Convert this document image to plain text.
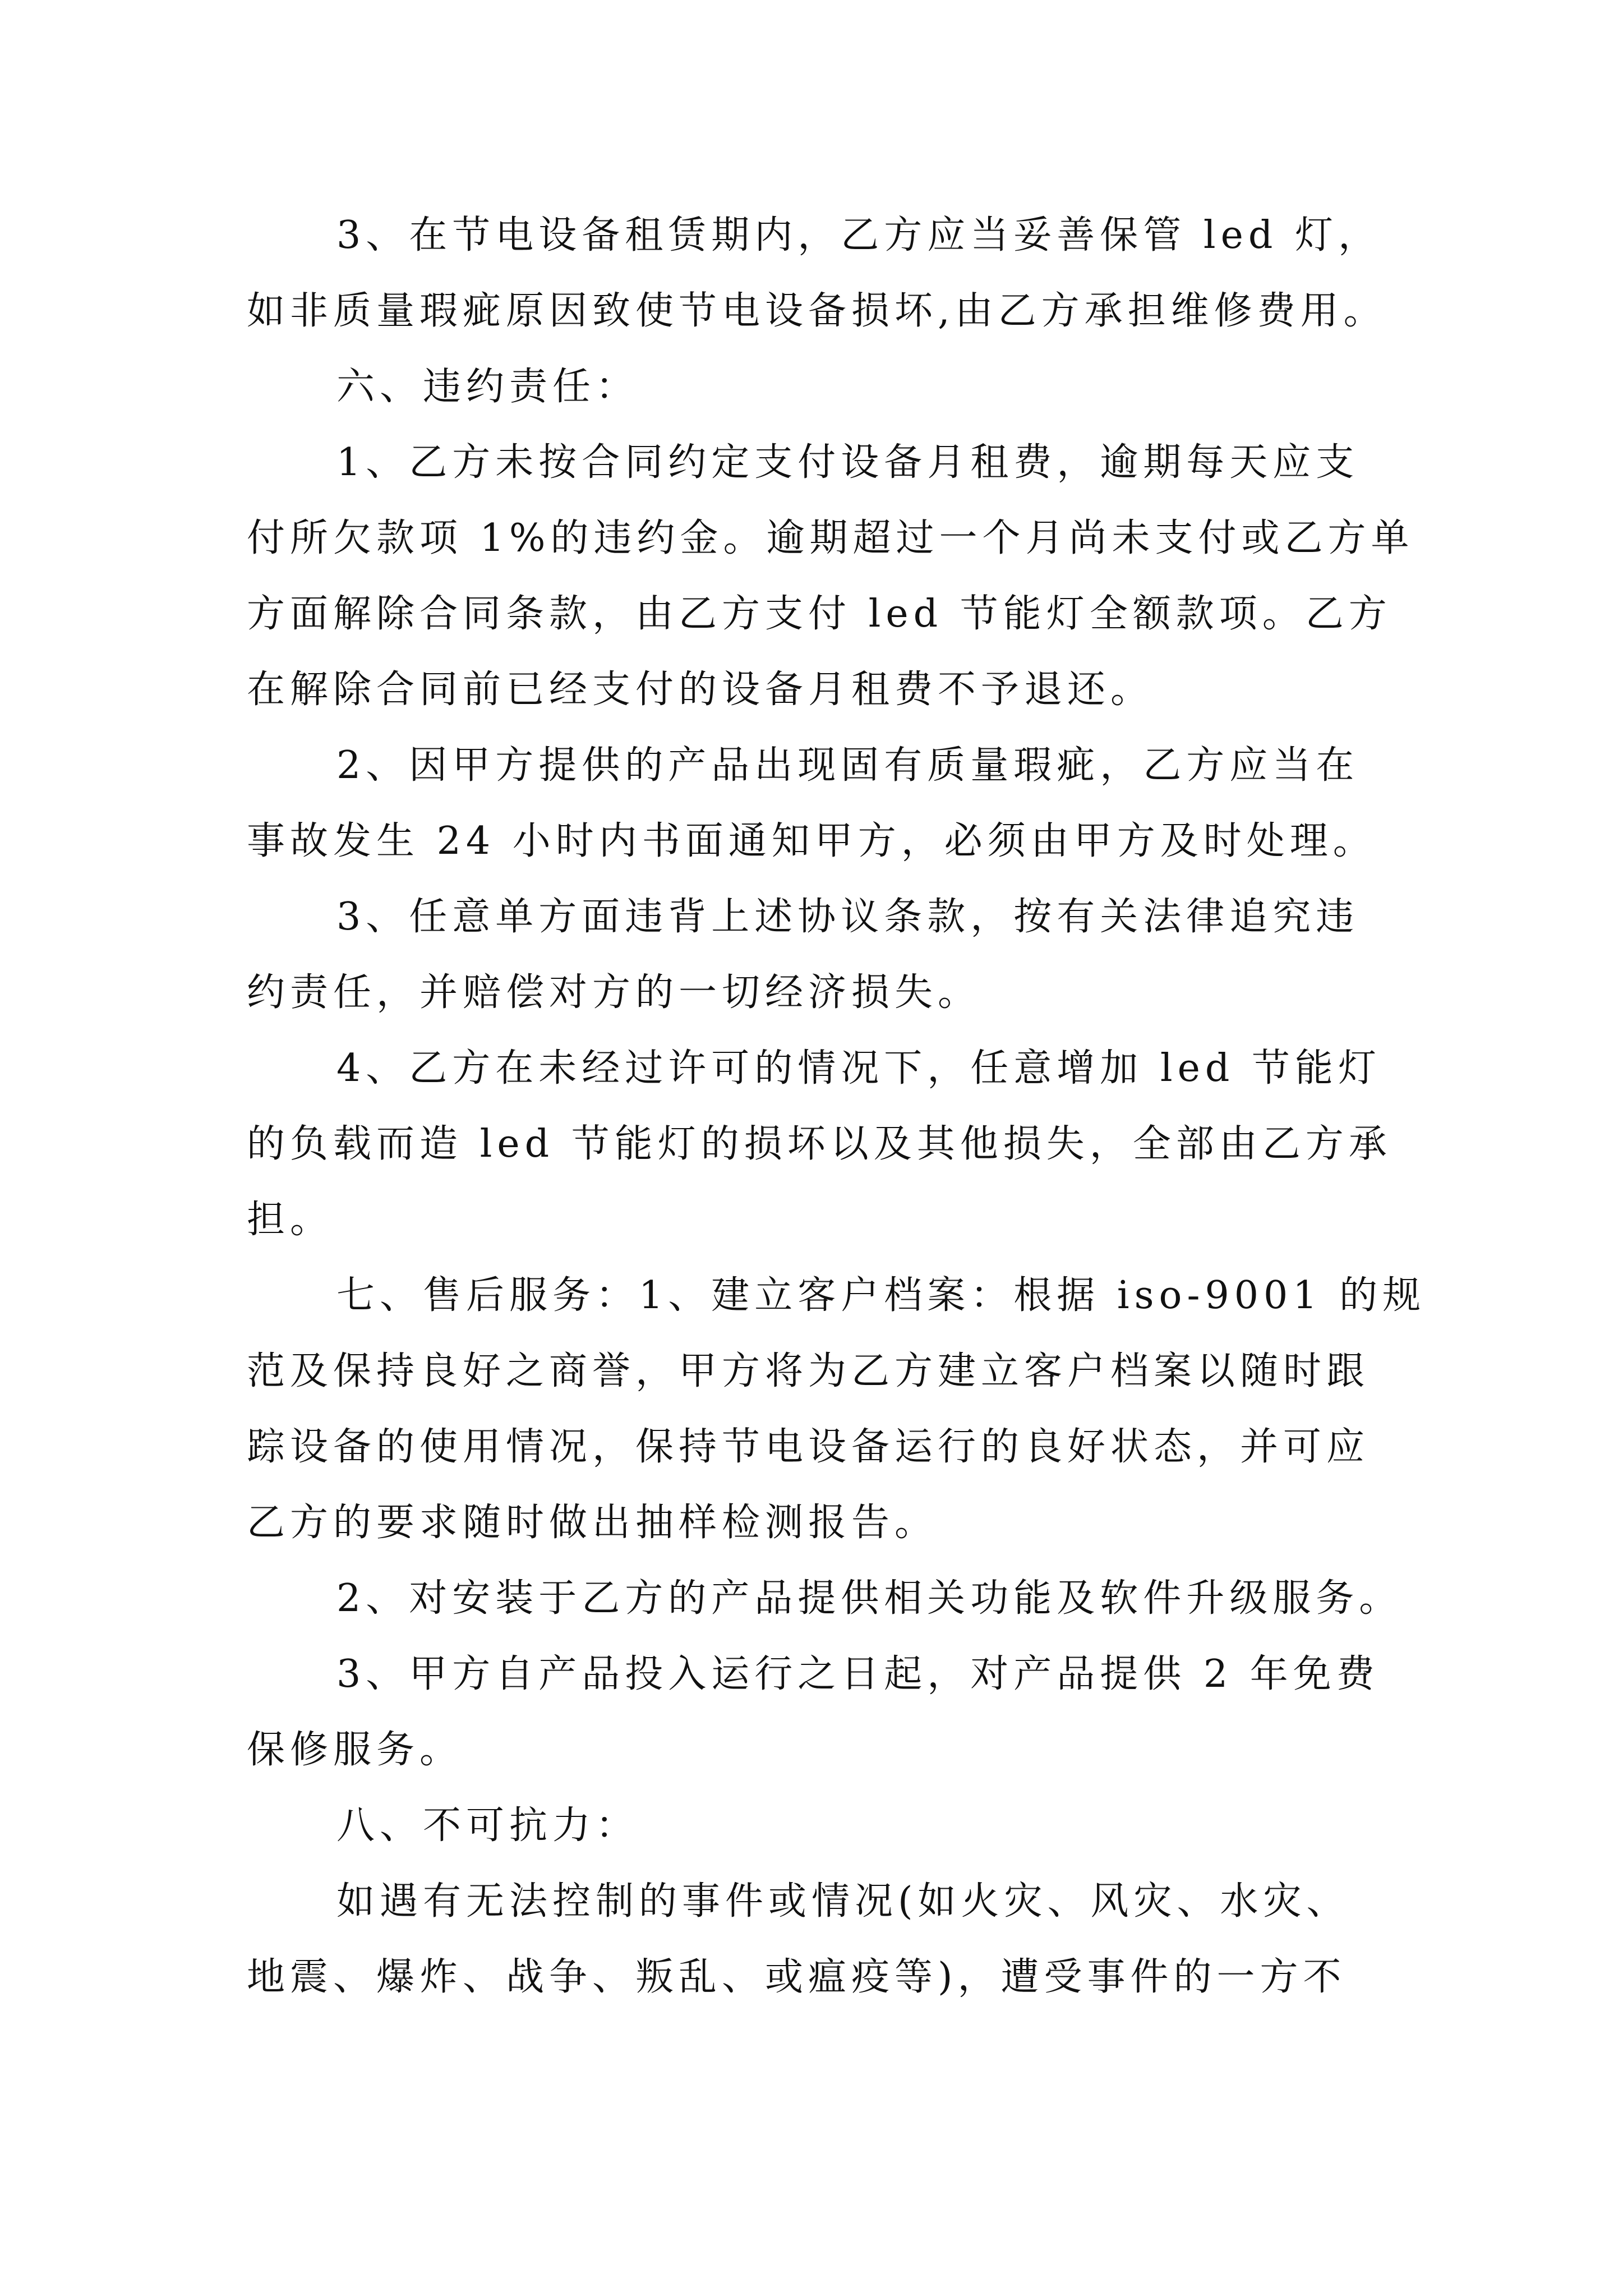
3、在节电设备租赁期内，乙方应当妥善保管 led 灯，

如非质量瑕疵原因致使节电设备损坏,由乙方承担维修费用。

六、违约责任：

1、乙方未按合同约定支付设备月租费，逾期每天应支

付所欠款项 1%的违约金。逾期超过一个月尚未支付或乙方单

方面解除合同条款，由乙方支付 led 节能灯全额款项。乙方

在解除合同前已经支付的设备月租费不予退还。

2、因甲方提供的产品出现固有质量瑕疵，乙方应当在

事故发生 24 小时内书面通知甲方，必须由甲方及时处理。

3、任意单方面违背上述协议条款，按有关法律追究违

约责任，并赔偿对方的一切经济损失。

4、乙方在未经过许可的情况下，任意增加 led 节能灯

的负载而造 led 节能灯的损坏以及其他损失，全部由乙方承

担。

七、售后服务：1、建立客户档案：根据 iso-9001 的规

范及保持良好之商誉，甲方将为乙方建立客户档案以随时跟

踪设备的使用情况，保持节电设备运行的良好状态，并可应

乙方的要求随时做出抽样检测报告。

2、对安装于乙方的产品提供相关功能及软件升级服务。

3、甲方自产品投入运行之日起，对产品提供 2 年免费

保修服务。

八、不可抗力：

如遇有无法控制的事件或情况(如火灾、风灾、水灾、

地震、爆炸、战争、叛乱、或瘟疫等)，遭受事件的一方不
